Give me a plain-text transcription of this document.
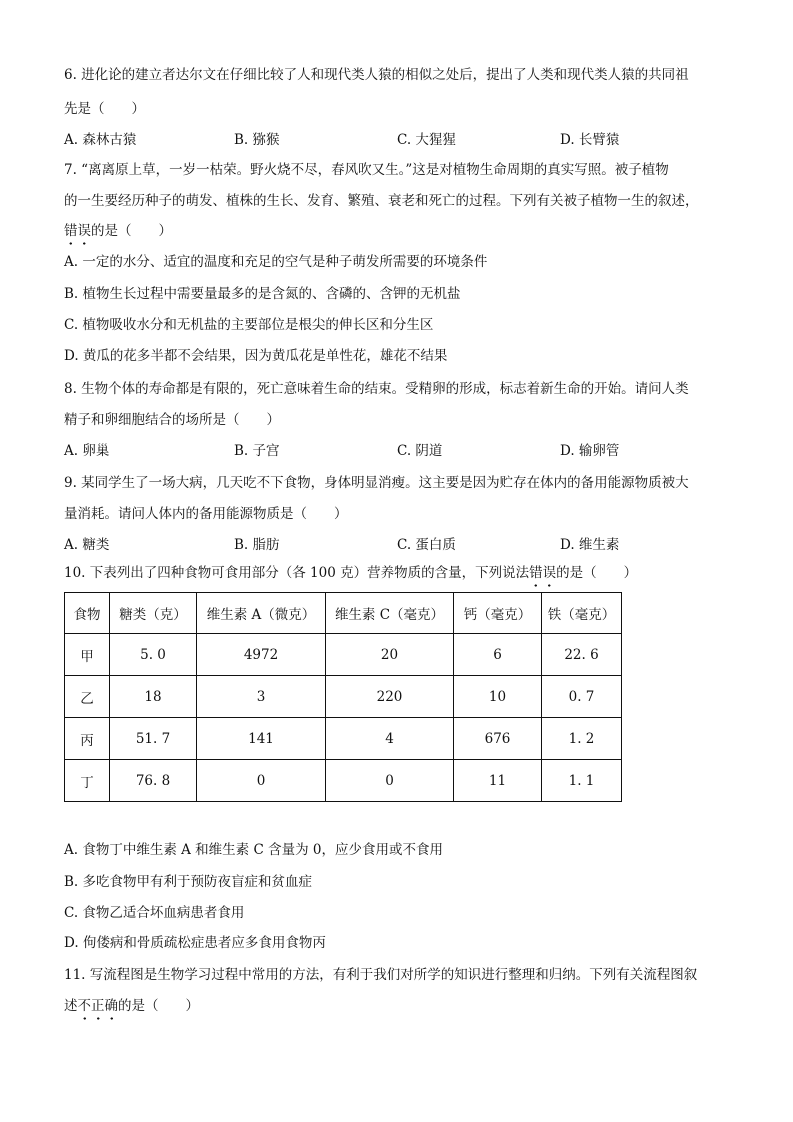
6. 进化论的建立者达尔文在仔细比较了人和现代类人猿的相似之处后，提出了人类和现代类人猿的共同祖
先是（　　）
A. 森林古猿	B. 猕猴	C. 大猩猩	D. 长臂猿
7. “离离原上草，一岁一枯荣。野火烧不尽，春风吹又生。”这是对植物生命周期的真实写照。被子植物
的一生要经历种子的萌发、植株的生长、发育、繁殖、衰老和死亡的过程。下列有关被子植物一生的叙述，
错误的是（　　）
A. 一定的水分、适宜的温度和充足的空气是种子萌发所需要的环境条件
B. 植物生长过程中需要量最多的是含氮的、含磷的、含钾的无机盐
C. 植物吸收水分和无机盐的主要部位是根尖的伸长区和分生区
D. 黄瓜的花多半都不会结果，因为黄瓜花是单性花，雄花不结果
8. 生物个体的寿命都是有限的，死亡意味着生命的结束。受精卵的形成，标志着新生命的开始。请问人类
精子和卵细胞结合的场所是（　　）
A. 卵巢	B. 子宫	C. 阴道	D. 输卵管
9. 某同学生了一场大病，几天吃不下食物，身体明显消瘦。这主要是因为贮存在体内的备用能源物质被大
量消耗。请问人体内的备用能源物质是（　　）
A. 糖类	B. 脂肪	C. 蛋白质	D. 维生素
10. 下表列出了四种食物可食用部分（各 100 克）营养物质的含量，下列说法错误的是（　　）
食物	糖类（克）	维生素 A（微克）	维生素 C（毫克）	钙（毫克）	铁（毫克）
甲	5. 0	4972	20	6	22. 6
乙	18	3	220	10	0. 7
丙	51. 7	141	4	676	1. 2
丁	76. 8	0	0	11	1. 1
A. 食物丁中维生素 A 和维生素 C 含量为 0，应少食用或不食用
B. 多吃食物甲有利于预防夜盲症和贫血症
C. 食物乙适合坏血病患者食用
D. 佝偻病和骨质疏松症患者应多食用食物丙
11. 写流程图是生物学习过程中常用的方法，有利于我们对所学的知识进行整理和归纳。下列有关流程图叙
述不正确的是（　　）
